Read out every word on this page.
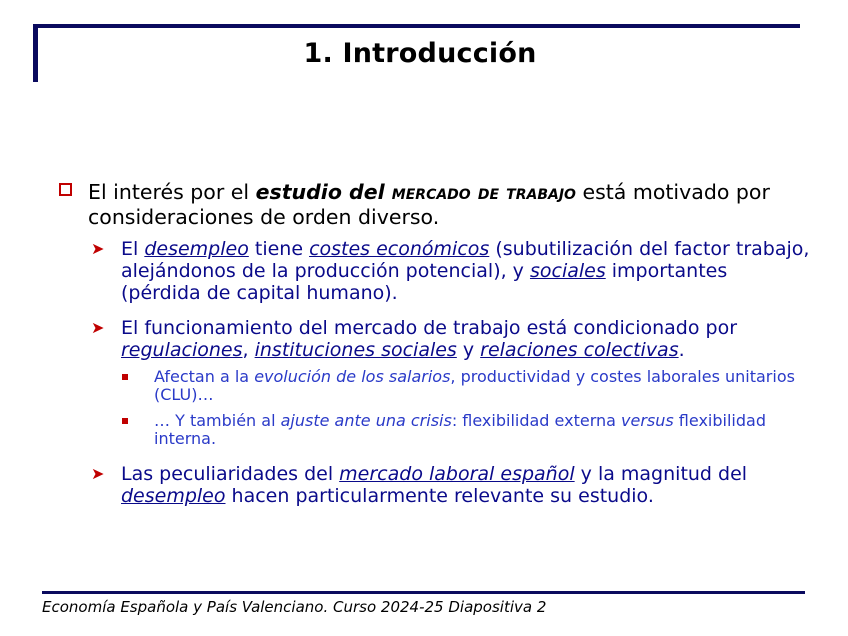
1. Introducción
El interés por el estudio del mercado de trabajo está motivado por consideraciones de orden diverso.
➤ El desempleo tiene costes económicos (subutilización del factor trabajo, alejándonos de la producción potencial), y sociales importantes (pérdida de capital humano).
➤ El funcionamiento del mercado de trabajo está condicionado por regulaciones, instituciones sociales y relaciones colectivas.
Afectan a la evolución de los salarios, productividad y costes laborales unitarios (CLU)…
… Y también al ajuste ante una crisis: flexibilidad externa versus flexibilidad interna.
➤ Las peculiaridades del mercado laboral español y la magnitud del desempleo hacen particularmente relevante su estudio.
Economía Española y País Valenciano. Curso 2024-25 Diapositiva 2
